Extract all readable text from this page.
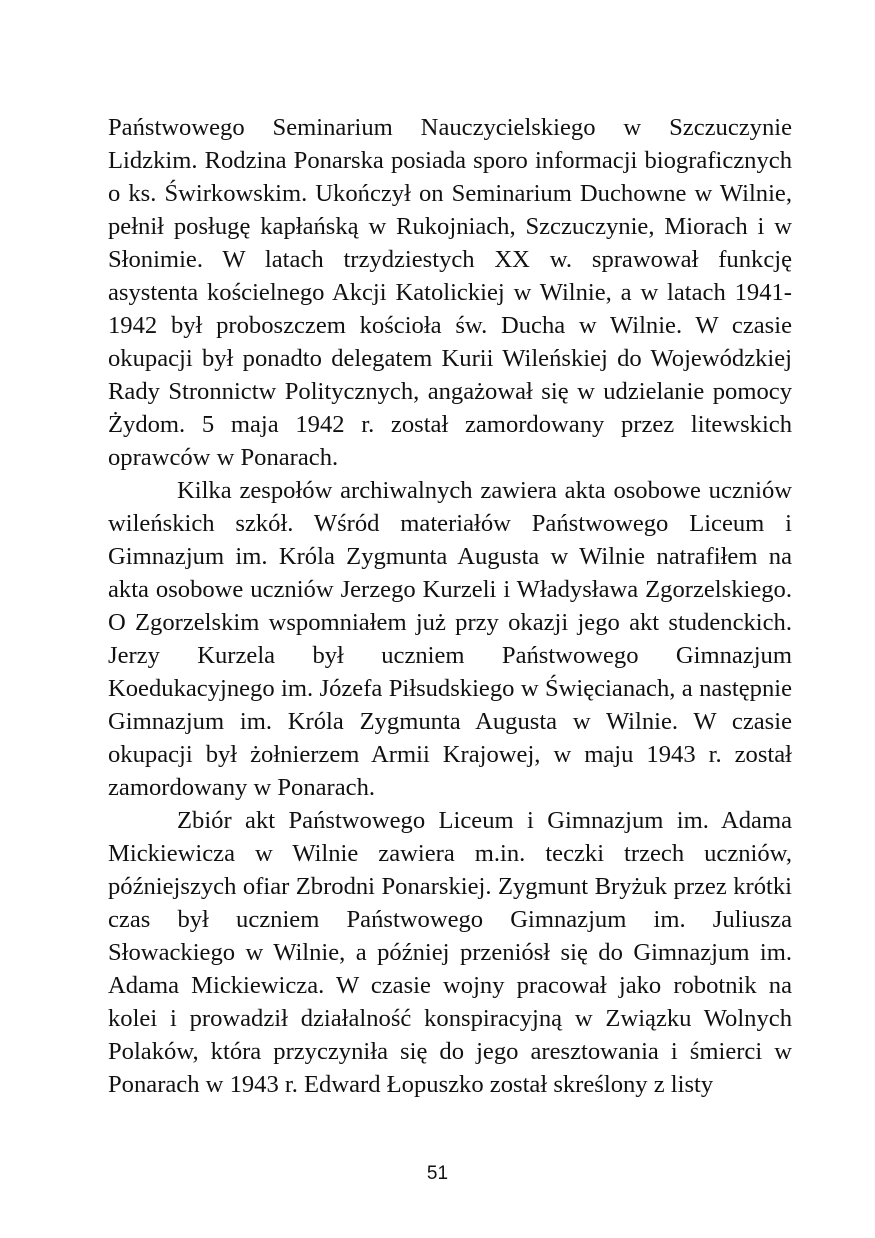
Państwowego Seminarium Nauczycielskiego w Szczuczynie Lidzkim. Rodzina Ponarska posiada sporo informacji biograficznych o ks. Świrkowskim. Ukończył on Seminarium Duchowne w Wilnie, pełnił posługę kapłańską w Rukojniach, Szczuczynie, Miorach i w Słonimie. W latach trzydziestych XX w. sprawował funkcję asystenta kościelnego Akcji Katolickiej w Wilnie, a w latach 1941-1942 był proboszczem kościoła św. Ducha w Wilnie. W czasie okupacji był ponadto delegatem Kurii Wileńskiej do Wojewódzkiej Rady Stronnictw Politycznych, angażował się w udzielanie pomocy Żydom. 5 maja 1942 r. został zamordowany przez litewskich oprawców w Ponarach.

Kilka zespołów archiwalnych zawiera akta osobowe uczniów wileńskich szkół. Wśród materiałów Państwowego Liceum i Gimnazjum im. Króla Zygmunta Augusta w Wilnie natrafiłem na akta osobowe uczniów Jerzego Kurzeli i Władysława Zgorzelskiego. O Zgorzelskim wspomniałem już przy okazji jego akt studenckich. Jerzy Kurzela był uczniem Państwowego Gimnazjum Koedukacyjnego im. Józefa Piłsudskiego w Święcianach, a następnie Gimnazjum im. Króla Zygmunta Augusta w Wilnie. W czasie okupacji był żołnierzem Armii Krajowej, w maju 1943 r. został zamordowany w Ponarach.

Zbiór akt Państwowego Liceum i Gimnazjum im. Adama Mickiewicza w Wilnie zawiera m.in. teczki trzech uczniów, późniejszych ofiar Zbrodni Ponarskiej. Zygmunt Bryżuk przez krótki czas był uczniem Państwowego Gimnazjum im. Juliusza Słowackiego w Wilnie, a później przeniósł się do Gimnazjum im. Adama Mickiewicza. W czasie wojny pracował jako robotnik na kolei i prowadził działalność konspiracyjną w Związku Wolnych Polaków, która przyczyniła się do jego aresztowania i śmierci w Ponarach w 1943 r. Edward Łopuszko został skreślony z listy

51
